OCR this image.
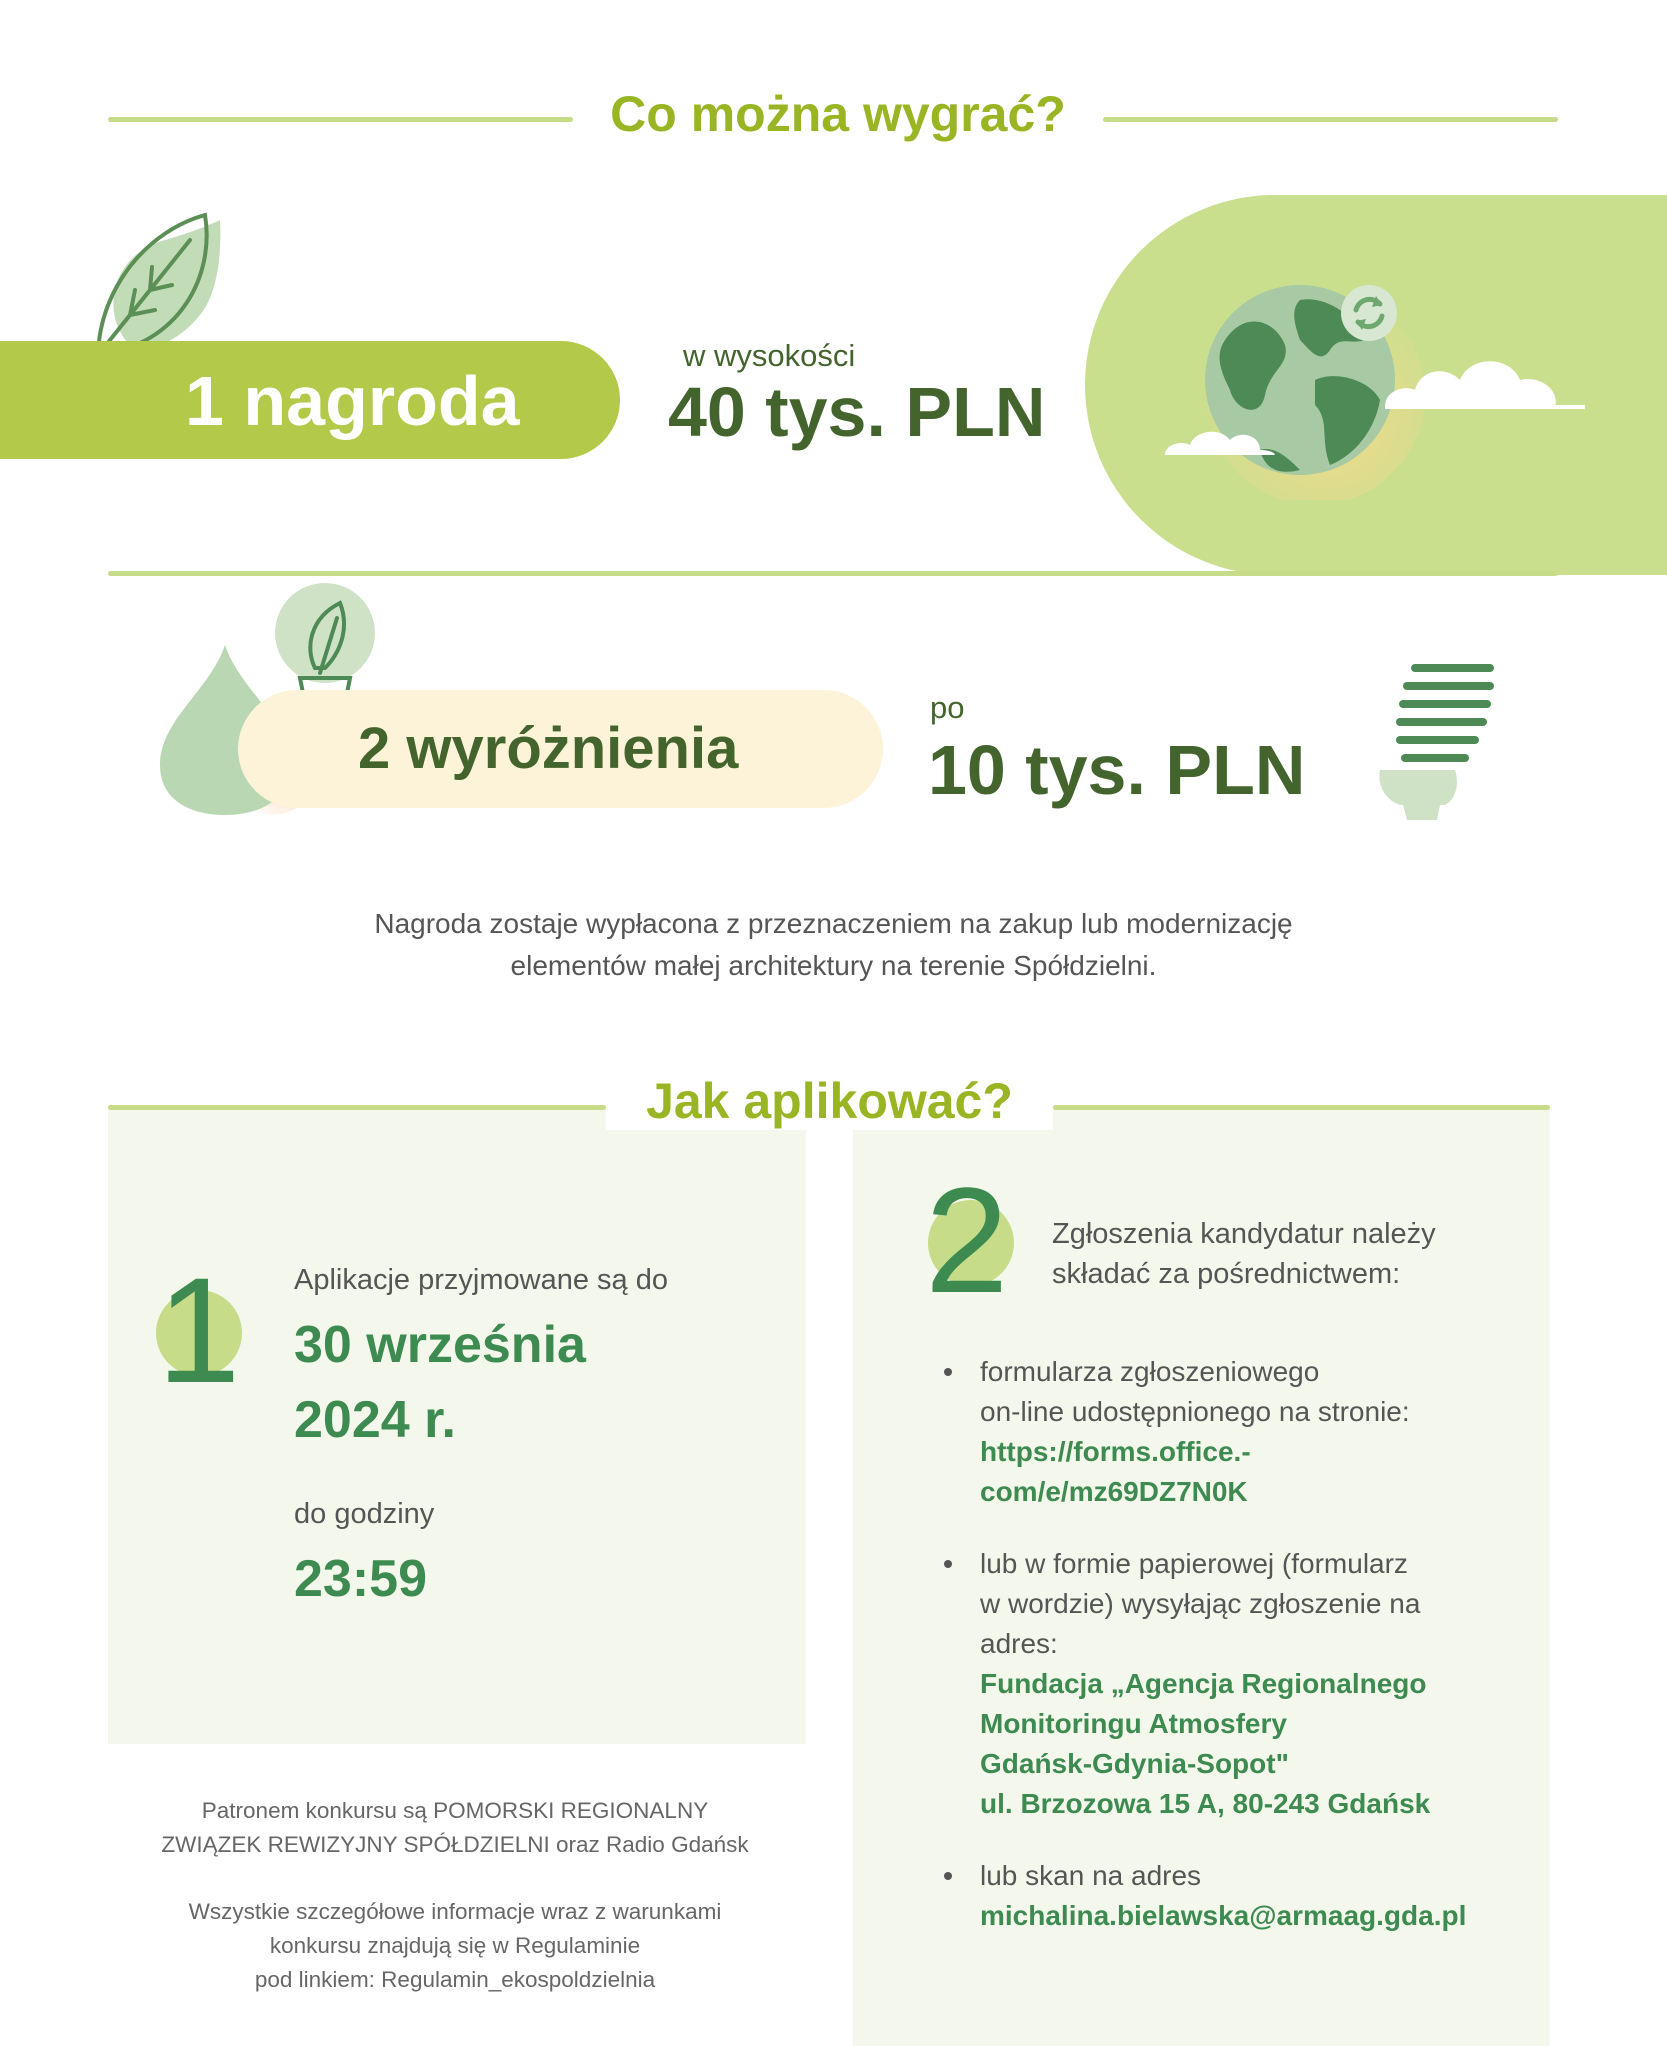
Co można wygrać?
1 nagroda
w wysokości
40 tys. PLN
2 wyróżnienia
po
10 tys. PLN
Nagroda zostaje wypłacona z przeznaczeniem na zakup lub modernizację
elementów małej architektury na terenie Spółdzielni.
Jak aplikować?
1 Aplikacje przyjmowane są do
30 września
2024 r.
do godziny
23:59
2 Zgłoszenia kandydatur należy
składać za pośrednictwem:
formularza zgłoszeniowego
on-line udostępnionego na stronie:
https://forms.office.-
com/e/mz69DZ7N0K
lub w formie papierowej (formularz
w wordzie) wysyłając zgłoszenie na
adres:
Fundacja „Agencja Regionalnego
Monitoringu Atmosfery
Gdańsk-Gdynia-Sopot"
ul. Brzozowa 15 A, 80-243 Gdańsk
lub skan na adres
michalina.bielawska@armaag.gda.pl
Patronem konkursu są POMORSKI REGIONALNY
ZWIĄZEK REWIZYJNY SPÓŁDZIELNI oraz Radio Gdańsk
Wszystkie szczegółowe informacje wraz z warunkami
konkursu znajdują się w Regulaminie
pod linkiem: Regulamin_ekospoldzielnia
